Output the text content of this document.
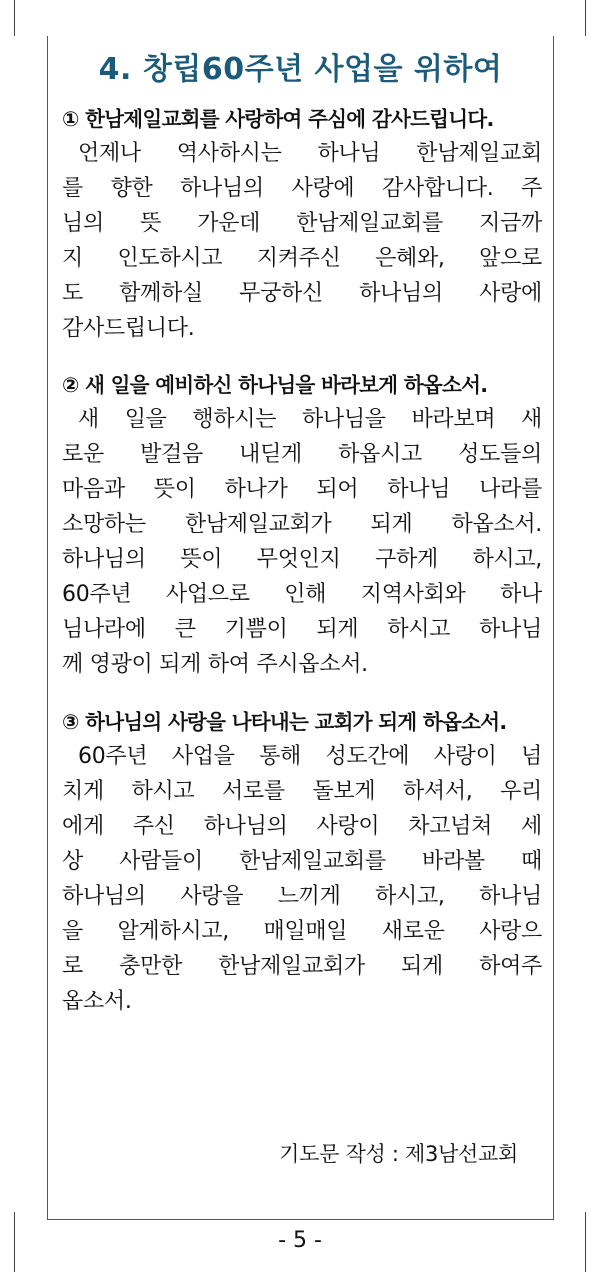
4. 창립60주년 사업을 위하여
① 한남제일교회를 사랑하여 주심에 감사드립니다.
언제나 역사하시는 하나님 한남제일교회
를 향한 하나님의 사랑에 감사합니다. 주
님의 뜻 가운데 한남제일교회를 지금까
지 인도하시고 지켜주신 은혜와, 앞으로
도 함께하실 무궁하신 하나님의 사랑에
감사드립니다.
② 새 일을 예비하신 하나님을 바라보게 하옵소서.
새 일을 행하시는 하나님을 바라보며 새
로운 발걸음 내딛게 하옵시고 성도들의
마음과 뜻이 하나가 되어 하나님 나라를
소망하는 한남제일교회가 되게 하옵소서.
하나님의 뜻이 무엇인지 구하게 하시고,
60주년 사업으로 인해 지역사회와 하나
님나라에 큰 기쁨이 되게 하시고 하나님
께 영광이 되게 하여 주시옵소서.
③ 하나님의 사랑을 나타내는 교회가 되게 하옵소서.
60주년 사업을 통해 성도간에 사랑이 넘
치게 하시고 서로를 돌보게 하셔서, 우리
에게 주신 하나님의 사랑이 차고넘쳐 세
상 사람들이 한남제일교회를 바라볼 때
하나님의 사랑을 느끼게 하시고, 하나님
을 알게하시고, 매일매일 새로운 사랑으
로 충만한 한남제일교회가 되게 하여주
옵소서.
기도문 작성 : 제3남선교회
- 5 -
